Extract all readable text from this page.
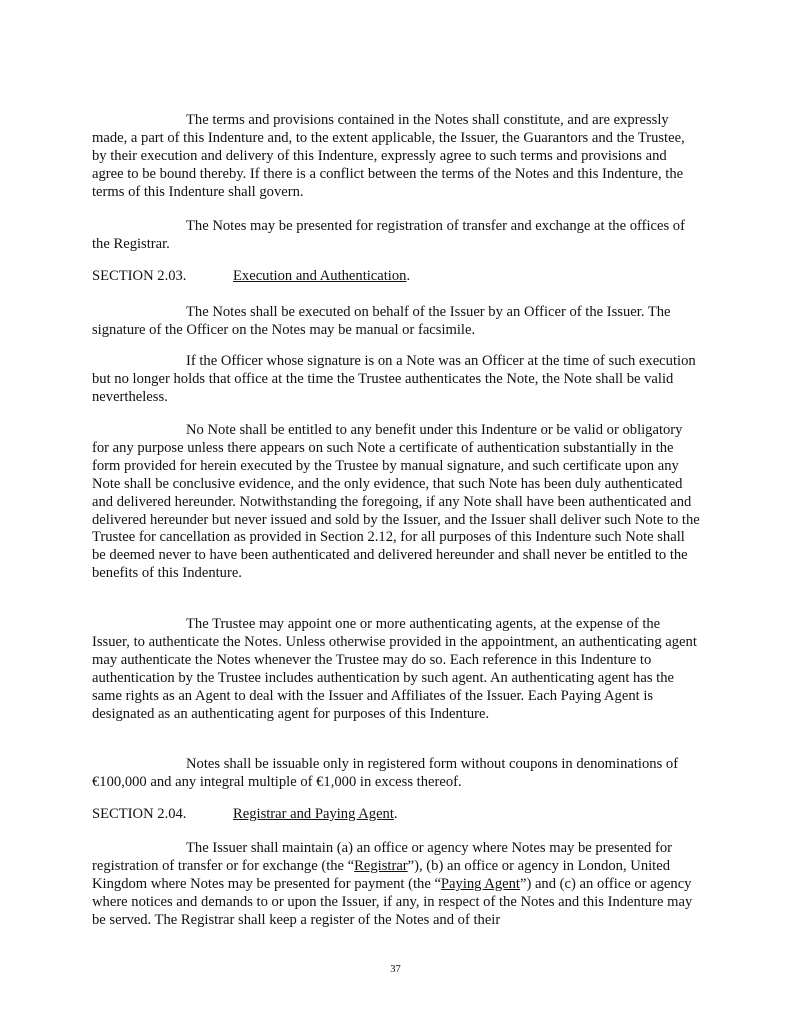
The terms and provisions contained in the Notes shall constitute, and are expressly made, a part of this Indenture and, to the extent applicable, the Issuer, the Guarantors and the Trustee, by their execution and delivery of this Indenture, expressly agree to such terms and provisions and agree to be bound thereby. If there is a conflict between the terms of the Notes and this Indenture, the terms of this Indenture shall govern.

The Notes may be presented for registration of transfer and exchange at the offices of the Registrar.

SECTION 2.03.	Execution and Authentication.

The Notes shall be executed on behalf of the Issuer by an Officer of the Issuer. The signature of the Officer on the Notes may be manual or facsimile.

If the Officer whose signature is on a Note was an Officer at the time of such execution but no longer holds that office at the time the Trustee authenticates the Note, the Note shall be valid nevertheless.

No Note shall be entitled to any benefit under this Indenture or be valid or obligatory for any purpose unless there appears on such Note a certificate of authentication substantially in the form provided for herein executed by the Trustee by manual signature, and such certificate upon any Note shall be conclusive evidence, and the only evidence, that such Note has been duly authenticated and delivered hereunder. Notwithstanding the foregoing, if any Note shall have been authenticated and delivered hereunder but never issued and sold by the Issuer, and the Issuer shall deliver such Note to the Trustee for cancellation as provided in Section 2.12, for all purposes of this Indenture such Note shall be deemed never to have been authenticated and delivered hereunder and shall never be entitled to the benefits of this Indenture.

The Trustee may appoint one or more authenticating agents, at the expense of the Issuer, to authenticate the Notes. Unless otherwise provided in the appointment, an authenticating agent may authenticate the Notes whenever the Trustee may do so. Each reference in this Indenture to authentication by the Trustee includes authentication by such agent. An authenticating agent has the same rights as an Agent to deal with the Issuer and Affiliates of the Issuer. Each Paying Agent is designated as an authenticating agent for purposes of this Indenture.

Notes shall be issuable only in registered form without coupons in denominations of €100,000 and any integral multiple of €1,000 in excess thereof.

SECTION 2.04.	Registrar and Paying Agent.

The Issuer shall maintain (a) an office or agency where Notes may be presented for registration of transfer or for exchange (the “Registrar”), (b) an office or agency in London, United Kingdom where Notes may be presented for payment (the “Paying Agent”) and (c) an office or agency where notices and demands to or upon the Issuer, if any, in respect of the Notes and this Indenture may be served. The Registrar shall keep a register of the Notes and of their

37
